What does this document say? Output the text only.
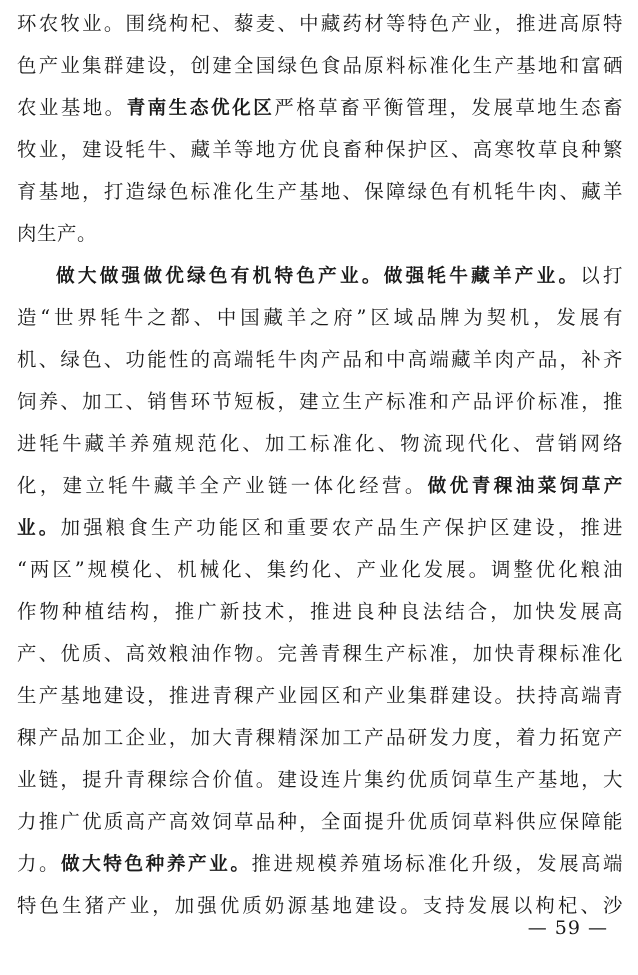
环农牧业。围绕枸杞、藜麦、中藏药材等特色产业，推进高原特
色产业集群建设，创建全国绿色食品原料标准化生产基地和富硒
农业基地。青南生态优化区严格草畜平衡管理，发展草地生态畜
牧业，建设牦牛、藏羊等地方优良畜种保护区、高寒牧草良种繁
育基地，打造绿色标准化生产基地、保障绿色有机牦牛肉、藏羊
肉生产。
做大做强做优绿色有机特色产业。做强牦牛藏羊产业。以打
造“世界牦牛之都、中国藏羊之府”区域品牌为契机，发展有
机、绿色、功能性的高端牦牛肉产品和中高端藏羊肉产品，补齐
饲养、加工、销售环节短板，建立生产标准和产品评价标准，推
进牦牛藏羊养殖规范化、加工标准化、物流现代化、营销网络
化，建立牦牛藏羊全产业链一体化经营。做优青稞油菜饲草产
业。加强粮食生产功能区和重要农产品生产保护区建设，推进
“两区”规模化、机械化、集约化、产业化发展。调整优化粮油
作物种植结构，推广新技术，推进良种良法结合，加快发展高
产、优质、高效粮油作物。完善青稞生产标准，加快青稞标准化
生产基地建设，推进青稞产业园区和产业集群建设。扶持高端青
稞产品加工企业，加大青稞精深加工产品研发力度，着力拓宽产
业链，提升青稞综合价值。建设连片集约优质饲草生产基地，大
力推广优质高产高效饲草品种，全面提升优质饲草料供应保障能
力。做大特色种养产业。推进规模养殖场标准化升级，发展高端
特色生猪产业，加强优质奶源基地建设。支持发展以枸杞、沙
— 59 —
